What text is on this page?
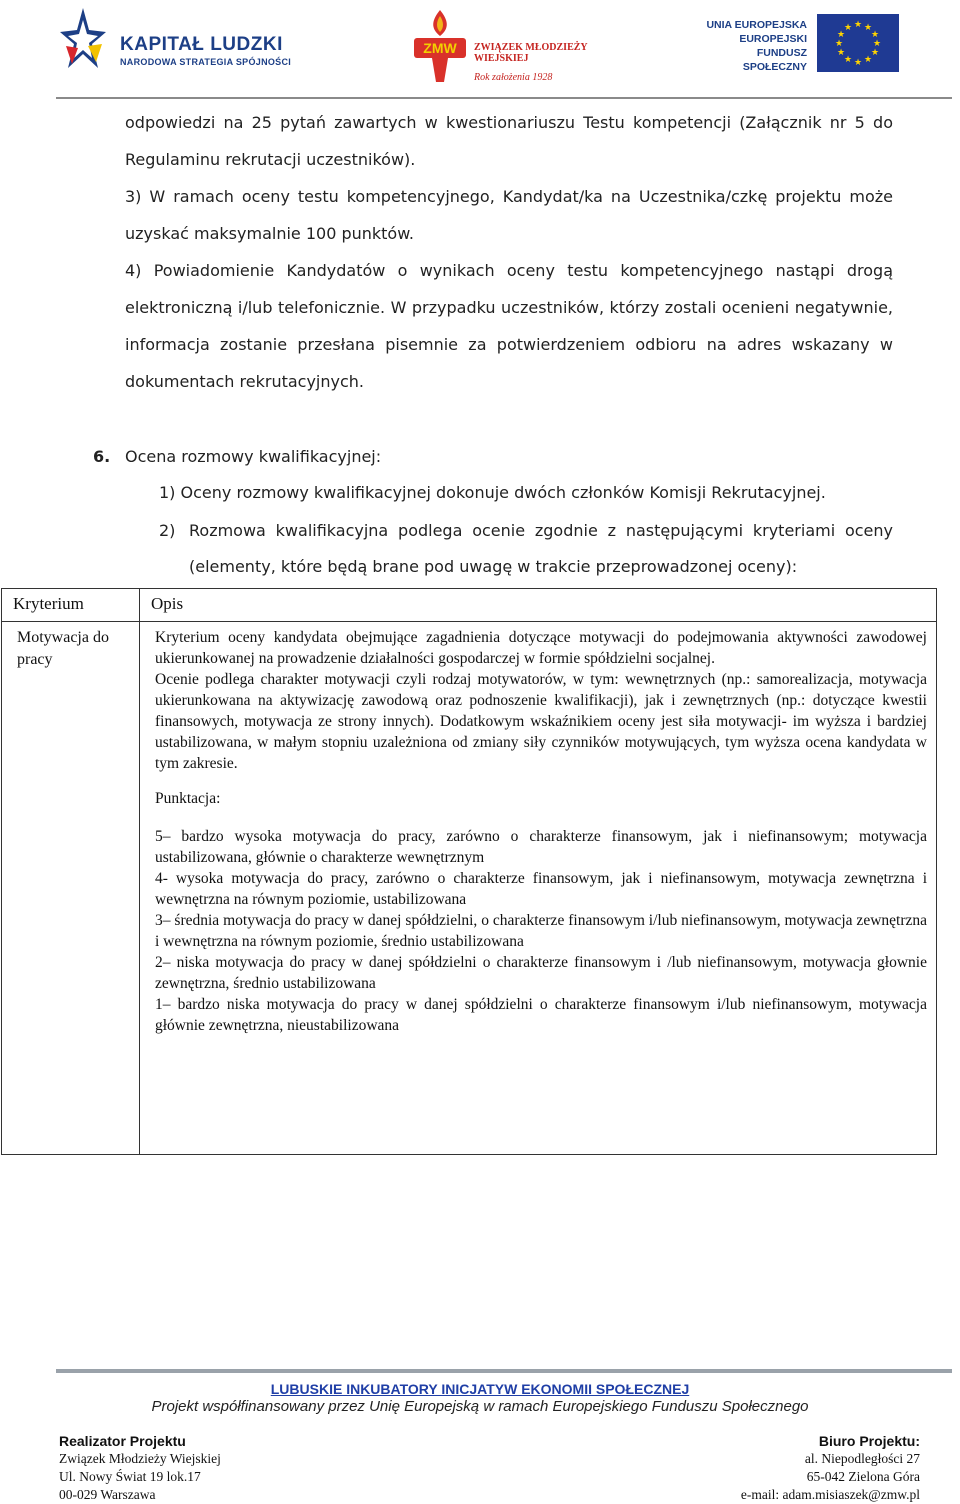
KAPITAŁ LUDZKI
NARODOWA STRATEGIA SPÓJNOŚCI
ZMW ZWIĄZEK MŁODZIEŻY WIEJSKIEJ
Rok założenia 1928
UNIA EUROPEJSKA
EUROPEJSKI
FUNDUSZ SPOŁECZNY
★ ★
★
★
★
★
★
★
★
★
★
★

odpowiedzi na 25 pytań zawartych w kwestionariuszu Testu kompetencji (Załącznik nr 5 do Regulaminu rekrutacji uczestników).

3) W ramach oceny testu kompetencyjnego, Kandydat/ka na Uczestnika/czkę projektu może uzyskać maksymalnie 100 punktów.

4) Powiadomienie Kandydatów o wynikach oceny testu kompetencyjnego nastąpi drogą elektroniczną i/lub telefonicznie. W przypadku uczestników, którzy zostali ocenieni negatywnie, informacja zostanie przesłana pisemnie za potwierdzeniem odbioru na adres wskazany w dokumentach rekrutacyjnych.

6. Ocena rozmowy kwalifikacyjnej:
1) Oceny rozmowy kwalifikacyjnej dokonuje dwóch członków Komisji Rekrutacyjnej.
2) Rozmowa kwalifikacyjna podlega ocenie zgodnie z następującymi kryteriami oceny (elementy, które będą brane pod uwagę w trakcie przeprowadzonej oceny):
Kryterium	Opis
Motywacja do pracy

Kryterium oceny kandydata obejmujące zagadnienia dotyczące motywacji do podejmowania aktywności zawodowej ukierunkowanej na prowadzenie działalności gospodarczej w formie spółdzielni socjalnej.

Ocenie podlega charakter motywacji czyli rodzaj motywatorów, w tym: wewnętrznych (np.: samorealizacja, motywacja ukierunkowana na aktywizację zawodową oraz podnoszenie kwalifikacji), jak i zewnętrznych (np.: dotyczące kwestii finansowych, motywacja ze strony innych). Dodatkowym wskaźnikiem oceny jest siła motywacji- im wyższa i bardziej ustabilizowana, w małym stopniu uzależniona od zmiany siły czynników motywujących, tym wyższa ocena kandydata w tym zakresie.

Punktacja:

5– bardzo wysoka motywacja do pracy, zarówno o charakterze finansowym, jak i niefinansowym; motywacja ustabilizowana, głównie o charakterze wewnętrznym

4- wysoka motywacja do pracy, zarówno o charakterze finansowym, jak i niefinansowym, motywacja zewnętrzna i wewnętrzna na równym poziomie, ustabilizowana

3– średnia motywacja do pracy w danej spółdzielni, o charakterze finansowym i/lub niefinansowym, motywacja zewnętrzna i wewnętrzna na równym poziomie, średnio ustabilizowana

2– niska motywacja do pracy w danej spółdzielni o charakterze finansowym i /lub niefinansowym, motywacja głownie zewnętrzna, średnio ustabilizowana

1– bardzo niska motywacja do pracy w danej spółdzielni o charakterze finansowym i/lub niefinansowym, motywacja głównie zewnętrzna, nieustabilizowana

LUBUSKIE INKUBATORY INICJATYW EKONOMII SPOŁECZNEJ
Projekt współfinansowany przez Unię Europejską w ramach Europejskiego Funduszu Społecznego
Realizator Projektu
Związek Młodzieży Wiejskiej
Ul. Nowy Świat 19 lok.17
00-029 Warszawa
Biuro Projektu:
al. Niepodległości 27
65-042 Zielona Góra
e-mail: adam.misiaszek@zmw.pl
